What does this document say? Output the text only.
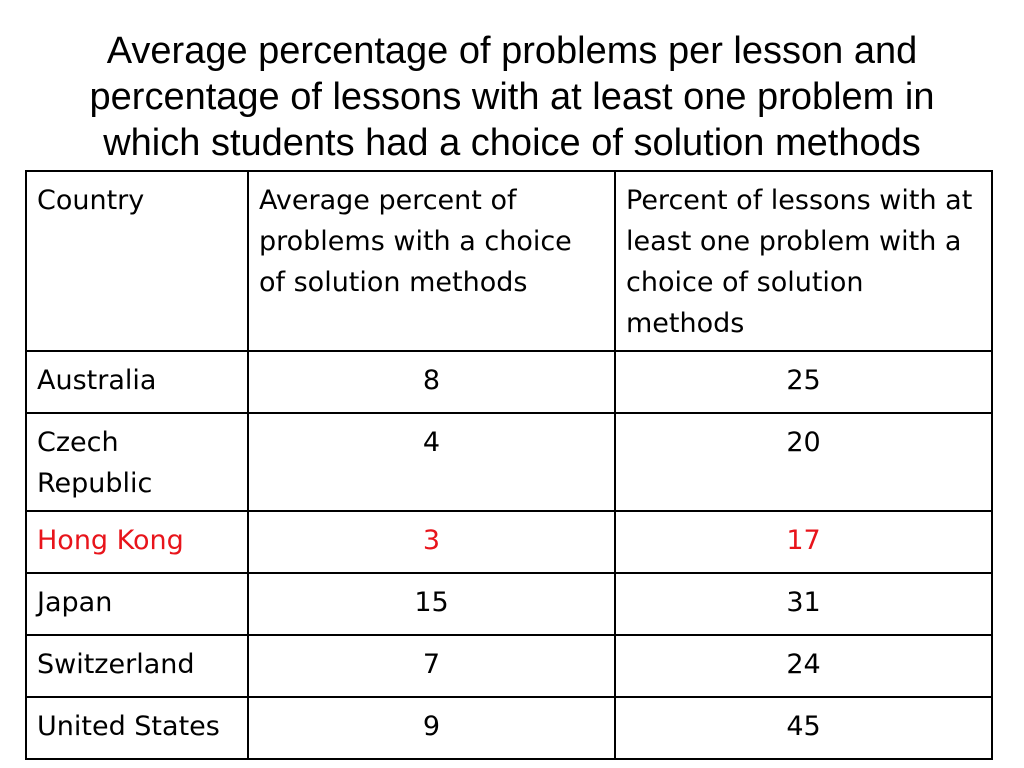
Average percentage of problems per lesson and
percentage of lessons with at least one problem in
which students had a choice of solution methods
Country	Average percent of problems with a choice of solution methods	Percent of lessons with at least one problem with a choice of solution methods
Australia	8	25
Czech Republic	4	20
Hong Kong	3	17
Japan	15	31
Switzerland	7	24
United States	9	45
